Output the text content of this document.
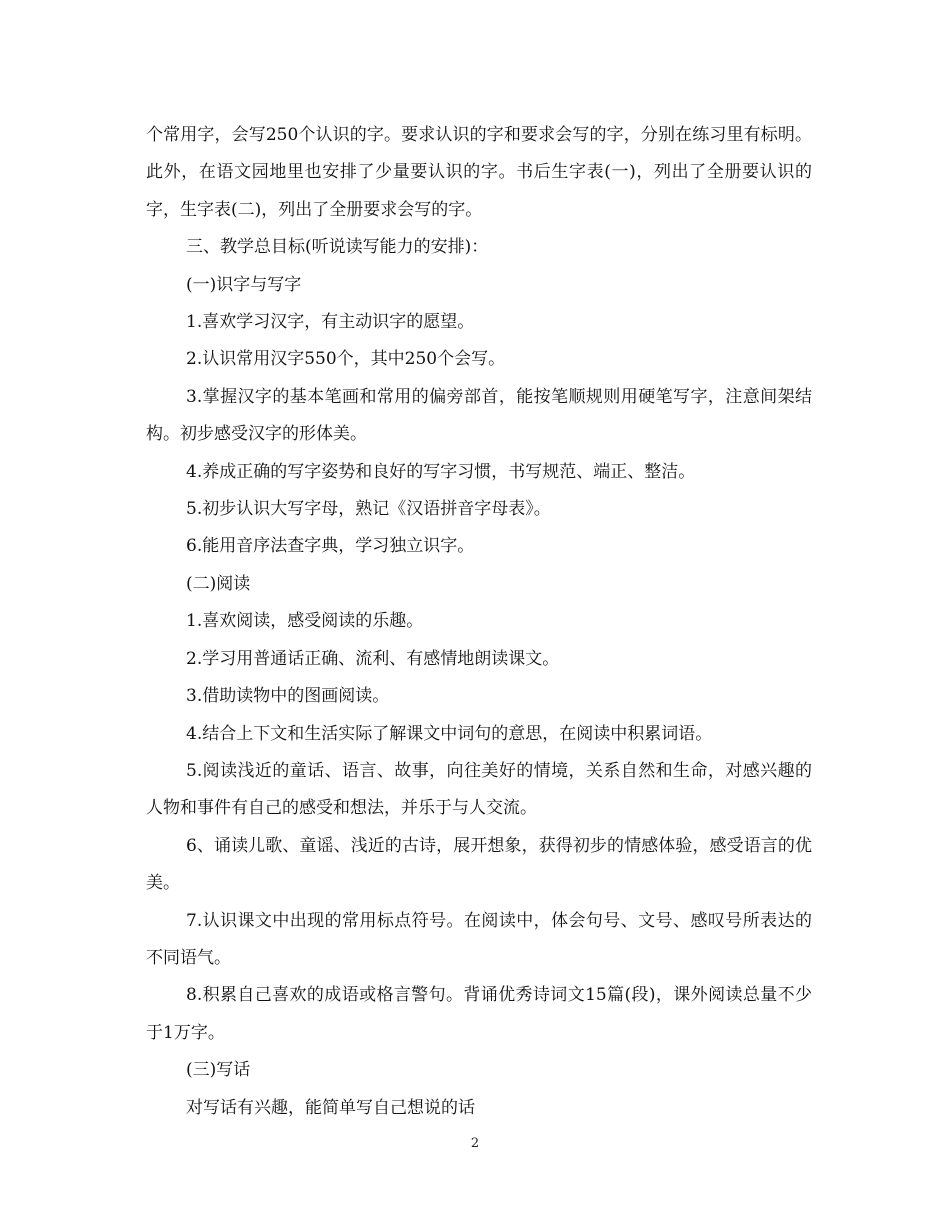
个常用字，会写250个认识的字。要求认识的字和要求会写的字，分别在练习里有标明。此外，在语文园地里也安排了少量要认识的字。书后生字表(一)，列出了全册要认识的字，生字表(二)，列出了全册要求会写的字。

三、教学总目标(听说读写能力的安排)：

(一)识字与写字

1.喜欢学习汉字，有主动识字的愿望。

2.认识常用汉字550个，其中250个会写。

3.掌握汉字的基本笔画和常用的偏旁部首，能按笔顺规则用硬笔写字，注意间架结构。初步感受汉字的形体美。

4.养成正确的写字姿势和良好的写字习惯，书写规范、端正、整洁。

5.初步认识大写字母，熟记《汉语拼音字母表》。

6.能用音序法查字典，学习独立识字。

(二)阅读

1.喜欢阅读，感受阅读的乐趣。

2.学习用普通话正确、流利、有感情地朗读课文。

3.借助读物中的图画阅读。

4.结合上下文和生活实际了解课文中词句的意思，在阅读中积累词语。

5.阅读浅近的童话、语言、故事，向往美好的情境，关系自然和生命，对感兴趣的人物和事件有自己的感受和想法，并乐于与人交流。

6、诵读儿歌、童谣、浅近的古诗，展开想象，获得初步的情感体验，感受语言的优美。

7.认识课文中出现的常用标点符号。在阅读中，体会句号、文号、感叹号所表达的不同语气。

8.积累自己喜欢的成语或格言警句。背诵优秀诗词文15篇(段)，课外阅读总量不少于1万字。

(三)写话

对写话有兴趣，能简单写自己想说的话

2
